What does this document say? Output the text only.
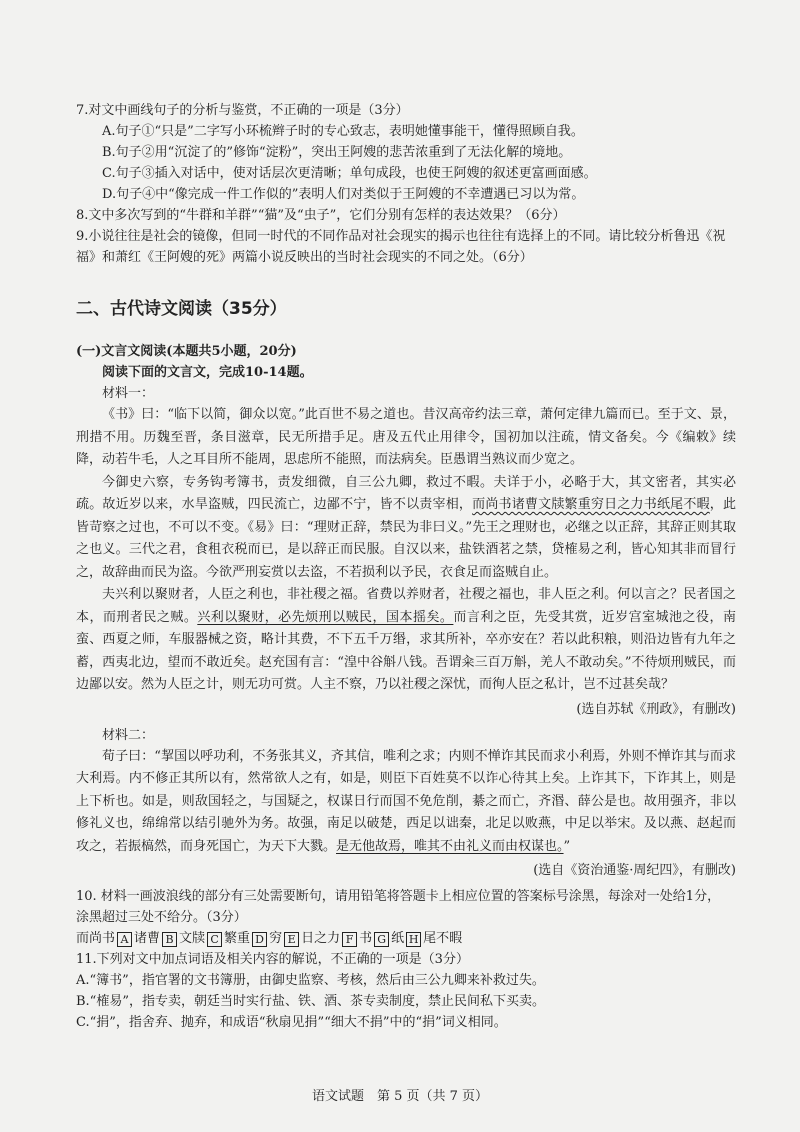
7.对文中画线句子的分析与鉴赏，不正确的一项是（3分）

A.句子①“只是”二字写小环梳辫子时的专心致志，表明她懂事能干，懂得照顾自我。

B.句子②用“沉淀了的”修饰“淀粉”，突出王阿嫂的悲苦浓重到了无法化解的境地。

C.句子③插入对话中，使对话层次更清晰；单句成段，也使王阿嫂的叙述更富画面感。

D.句子④中“像完成一件工作似的”表明人们对类似于王阿嫂的不幸遭遇已习以为常。

8.文中多次写到的“牛群和羊群”“猫”及“虫子”，它们分别有怎样的表达效果？（6分）

9.小说往往是社会的镜像，但同一时代的不同作品对社会现实的揭示也往往有选择上的不同。请比较分析鲁迅《祝

福》和萧红《王阿嫂的死》两篇小说反映出的当时社会现实的不同之处。（6分）

二、古代诗文阅读（35分）

(一)文言文阅读(本题共5小题，20分)

阅读下面的文言文，完成10-14题。

材料一：

《书》曰：“临下以简，御众以宽。”此百世不易之道也。昔汉高帝约法三章，萧何定律九篇而已。至于文、景，刑措不用。历魏至晋，条目滋章，民无所措手足。唐及五代止用律令，国初加以注疏，情文备矣。今《编敕》续降，动若牛毛，人之耳目所不能周，思虑所不能照，而法病矣。臣愚谓当熟议而少宽之。

今御史六察，专务钩考簿书，责发细微，自三公九卿，救过不暇。夫详于小，必略于大，其文密者，其实必疏。故近岁以来，水旱盗贼，四民流亡，边鄙不宁，皆不以责宰相，而尚书诸曹文牍繁重穷日之力书纸尾不暇，此皆苛察之过也，不可以不变。《易》曰：“理财正辞，禁民为非曰义。”先王之理财也，必继之以正辞，其辞正则其取之也义。三代之君，食租衣税而已，是以辞正而民服。自汉以来，盐铁酒茗之禁，贷榷易之利，皆心知其非而冒行之，故辞曲而民为盗。今欲严刑妄赏以去盗，不若损利以予民，衣食足而盗贼自止。

夫兴利以聚财者，人臣之利也，非社稷之福。省费以养财者，社稷之福也，非人臣之利。何以言之？民者国之本，而刑者民之贼。兴利以聚财，必先烦刑以贼民，国本摇矣。而言利之臣，先受其赏，近岁宫室城池之役，南蛮、西夏之师，车服器械之资，略计其费，不下五千万缗，求其所补，卒亦安在？若以此积粮，则沿边皆有九年之蓄，西夷北边，望而不敢近矣。赵充国有言：“湟中谷斛八钱。吾谓籴三百万斛，羌人不敢动矣。”不待烦刑贼民，而边鄙以安。然为人臣之计，则无功可赏。人主不察，乃以社稷之深忧，而徇人臣之私计，岂不过甚矣哉？

(选自苏轼《刑政》，有删改)

材料二：

荀子曰：“挈国以呼功利，不务张其义，齐其信，唯利之求；内则不惮诈其民而求小利焉，外则不惮诈其与而求大利焉。内不修正其所以有，然常欲人之有，如是，则臣下百姓莫不以诈心待其上矣。上诈其下，下诈其上，则是上下析也。如是，则敌国轻之，与国疑之，权谋日行而国不免危削，綦之而亡，齐湣、薛公是也。故用强齐，非以修礼义也，绵绵常以结引驰外为务。故强，南足以破楚，西足以诎秦，北足以败燕，中足以举宋。及以燕、赵起而攻之，若振槁然，而身死国亡，为天下大戮。是无他故焉，唯其不由礼义而由权谋也。”

(选自《资治通鉴·周纪四》，有删改)

10. 材料一画波浪线的部分有三处需要断句，请用铅笔将答题卡上相应位置的答案标号涂黑，每涂对一处给1分，

涂黑超过三处不给分。（3分）

而尚书 A 诸曹 B 文牍 C 繁重 D 穷 E 日之力 F 书 G 纸 H 尾不暇

11.下列对文中加点词语及相关内容的解说，不正确的一项是（3分）

A.“簿书”，指官署的文书簿册，由御史监察、考核，然后由三公九卿来补救过失。

B.“榷易”，指专卖，朝廷当时实行盐、铁、酒、茶专卖制度，禁止民间私下买卖。

C.“捐”，指舍弃、抛弃，和成语“秋扇见捐”“细大不捐”中的“捐”词义相同。

语文试题　第 5 页（共 7 页）
